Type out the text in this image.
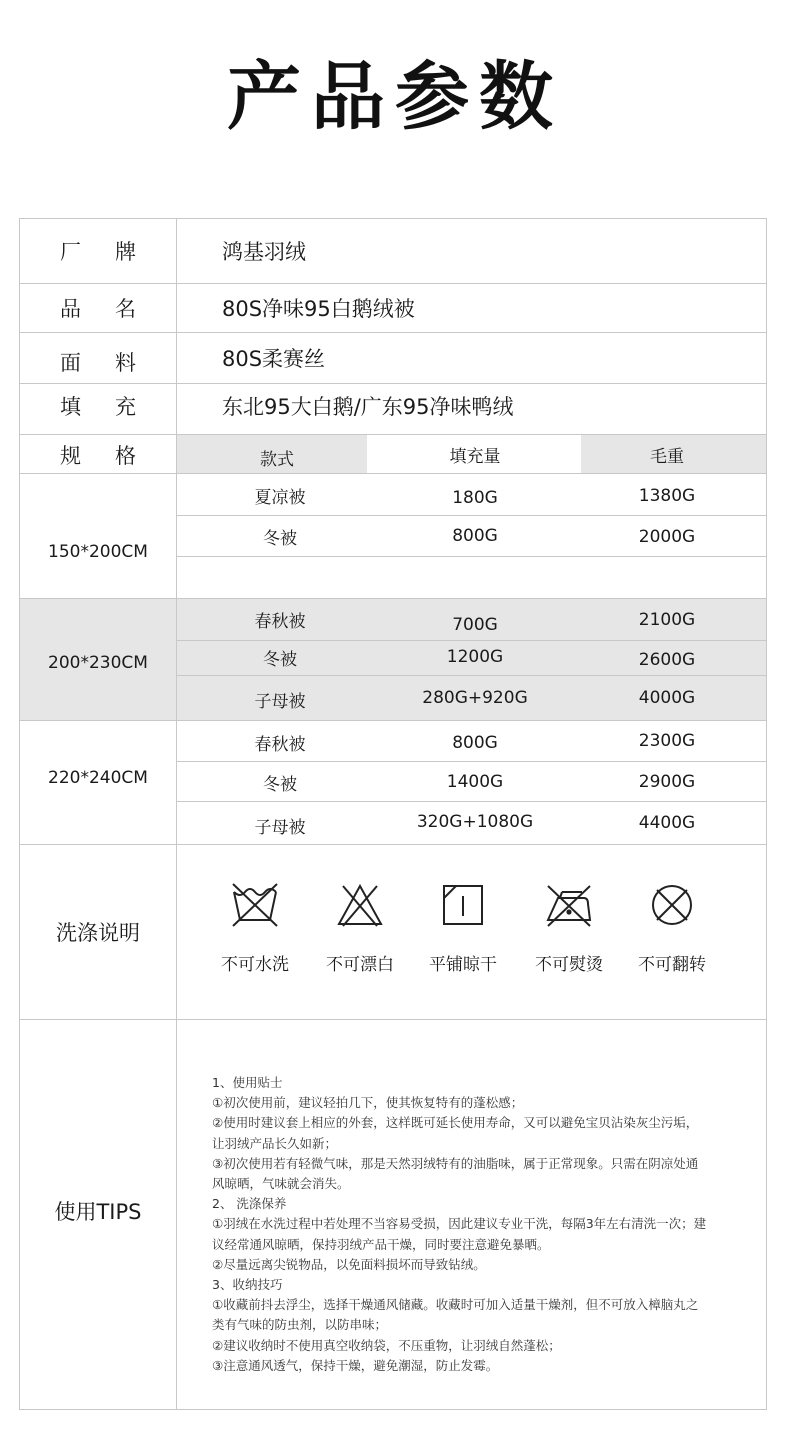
产品参数
厂 牌	鸿基羽绒
品 名	80S净味95白鹅绒被
面 料	80S柔赛丝
填 充	东北95大白鹅/广东95净味鸭绒
规 格	款式	填充量	毛重
150*200CM
夏凉被	180G	1380G
冬被	800G	2000G
200*230CM
春秋被	700G	2100G
冬被	1200G	2600G
子母被	280G+920G	4000G
220*240CM
春秋被	800G	2300G
冬被	1400G	2900G
子母被	320G+1080G	4400G
洗涤说明
不可水洗 不可漂白 平铺晾干 不可熨烫 不可翻转
使用TIPS

1、使用贴士

①初次使用前，建议轻拍几下，使其恢复特有的蓬松感；

②使用时建议套上相应的外套，这样既可延长使用寿命，又可以避免宝贝沾染灰尘污垢，

让羽绒产品长久如新；

③初次使用若有轻微气味，那是天然羽绒特有的油脂味，属于正常现象。只需在阴凉处通

风晾晒，气味就会消失。

2、 洗涤保养

①羽绒在水洗过程中若处理不当容易受损，因此建议专业干洗，每隔3年左右清洗一次；建

议经常通风晾晒，保持羽绒产品干燥，同时要注意避免暴晒。

②尽量远离尖锐物品，以免面料损坏而导致钻绒。

3、收纳技巧

①收藏前抖去浮尘，选择干燥通风储藏。收藏时可加入适量干燥剂，但不可放入樟脑丸之

类有气味的防虫剂，以防串味；

②建议收纳时不使用真空收纳袋，不压重物，让羽绒自然蓬松；

③注意通风透气，保持干燥，避免潮湿，防止发霉。
